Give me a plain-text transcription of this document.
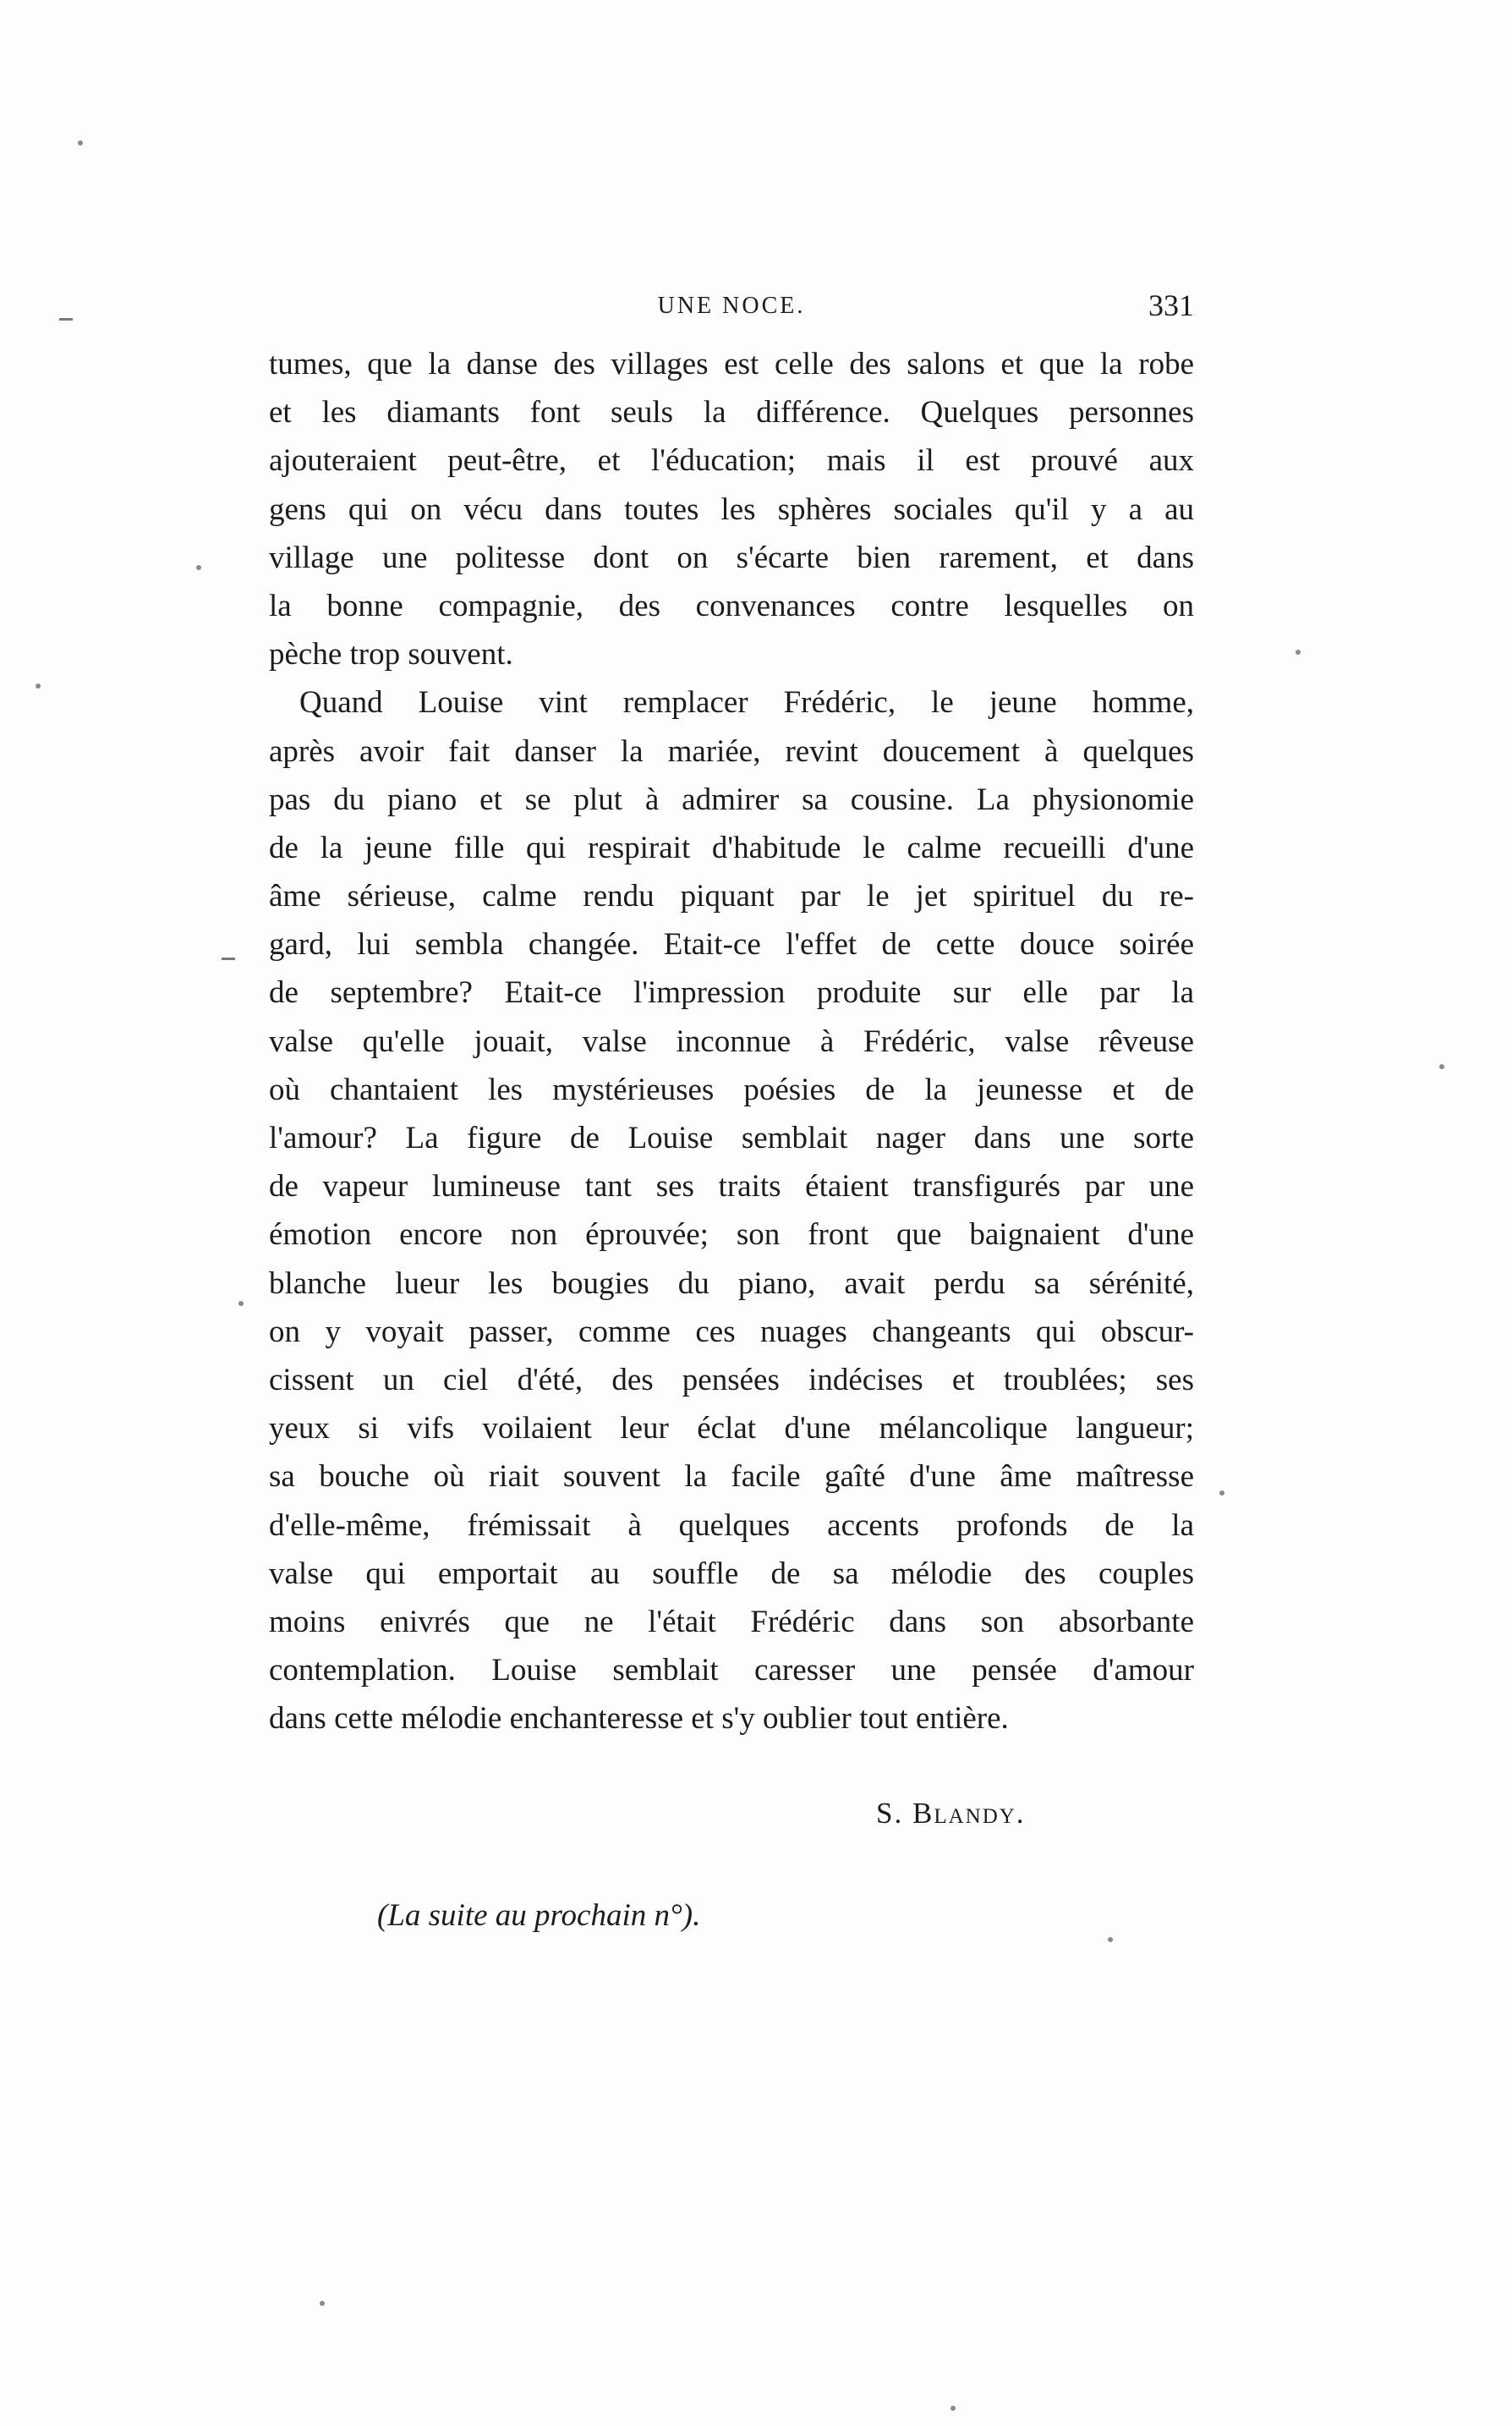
UNE NOCE.	331
tumes, que la danse des villages est celle des salons et que la robe
et les diamants font seuls la différence. Quelques personnes
ajouteraient peut-être, et l'éducation; mais il est prouvé aux
gens qui on vécu dans toutes les sphères sociales qu'il y a au
village une politesse dont on s'écarte bien rarement, et dans
la bonne compagnie, des convenances contre lesquelles on
pèche trop souvent.
Quand Louise vint remplacer Frédéric, le jeune homme,
après avoir fait danser la mariée, revint doucement à quelques
pas du piano et se plut à admirer sa cousine. La physionomie
de la jeune fille qui respirait d'habitude le calme recueilli d'une
âme sérieuse, calme rendu piquant par le jet spirituel du re-
gard, lui sembla changée. Etait-ce l'effet de cette douce soirée
de septembre? Etait-ce l'impression produite sur elle par la
valse qu'elle jouait, valse inconnue à Frédéric, valse rêveuse
où chantaient les mystérieuses poésies de la jeunesse et de
l'amour? La figure de Louise semblait nager dans une sorte
de vapeur lumineuse tant ses traits étaient transfigurés par une
émotion encore non éprouvée; son front que baignaient d'une
blanche lueur les bougies du piano, avait perdu sa sérénité,
on y voyait passer, comme ces nuages changeants qui obscur-
cissent un ciel d'été, des pensées indécises et troublées; ses
yeux si vifs voilaient leur éclat d'une mélancolique langueur;
sa bouche où riait souvent la facile gaîté d'une âme maîtresse
d'elle-même, frémissait à quelques accents profonds de la
valse qui emportait au souffle de sa mélodie des couples
moins enivrés que ne l'était Frédéric dans son absorbante
contemplation. Louise semblait caresser une pensée d'amour
dans cette mélodie enchanteresse et s'y oublier tout entière.
S. Blandy.
(La suite au prochain n°).
